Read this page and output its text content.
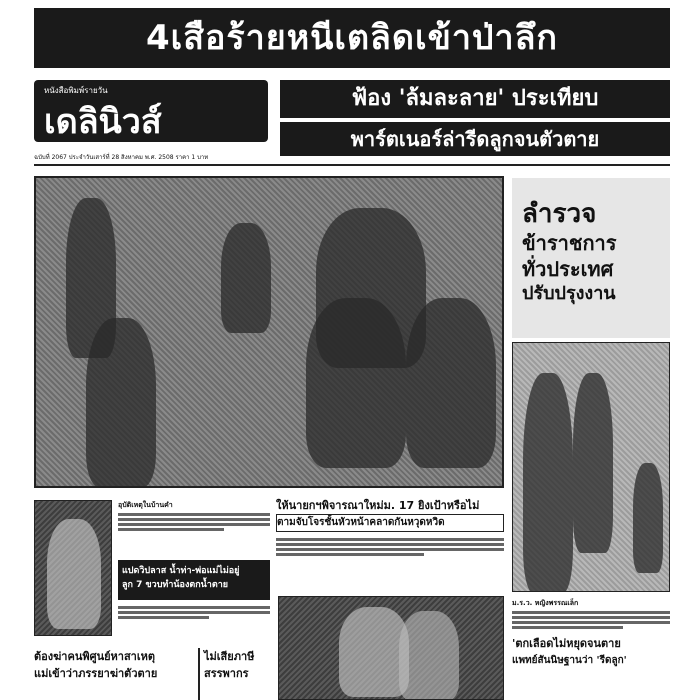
4เสือร้ายหนีเตลิดเข้าป่าลึก
หนังสือพิมพ์รายวัน
เดลินิวส์
ฉบับที่ 2067 ประจำวันเสาร์ที่ 28 สิงหาคม พ.ศ. 2508 ราคา 1 บาท
ฟ้อง 'ล้มละลาย' ประเทียบ
พาร์ตเนอร์ล่ารีดลูกจนตัวตาย
ลำรวจ
ข้าราชการ
ทั่วประเทศ
ปรับปรุงงาน
อุบัติเหตุในบ้านคำ
แปดวิปลาส น้ำท่า-พ่อแม่ไม่อยู่
ลูก 7 ขวบทำน้องตกน้ำตาย
ให้นายกฯพิจารณาใหม่ม. 17 ยิงเป้าหรือไม่
ตามจับโจรชั้นหัวหน้าคลาดกันหวุดหวิด
ต้องฆ่าคนพิศูนย์หาสาเหตุ
แม่เข้าว่าภรรยาฆ่าตัวตาย
ไม่เสียภาษี
สรรพากร
ม.ร.ว. หญิงพรรณเล็ก
'ตกเลือดไม่หยุดจนตาย
แพทย์สันนิษฐานว่า 'รีดลูก'
